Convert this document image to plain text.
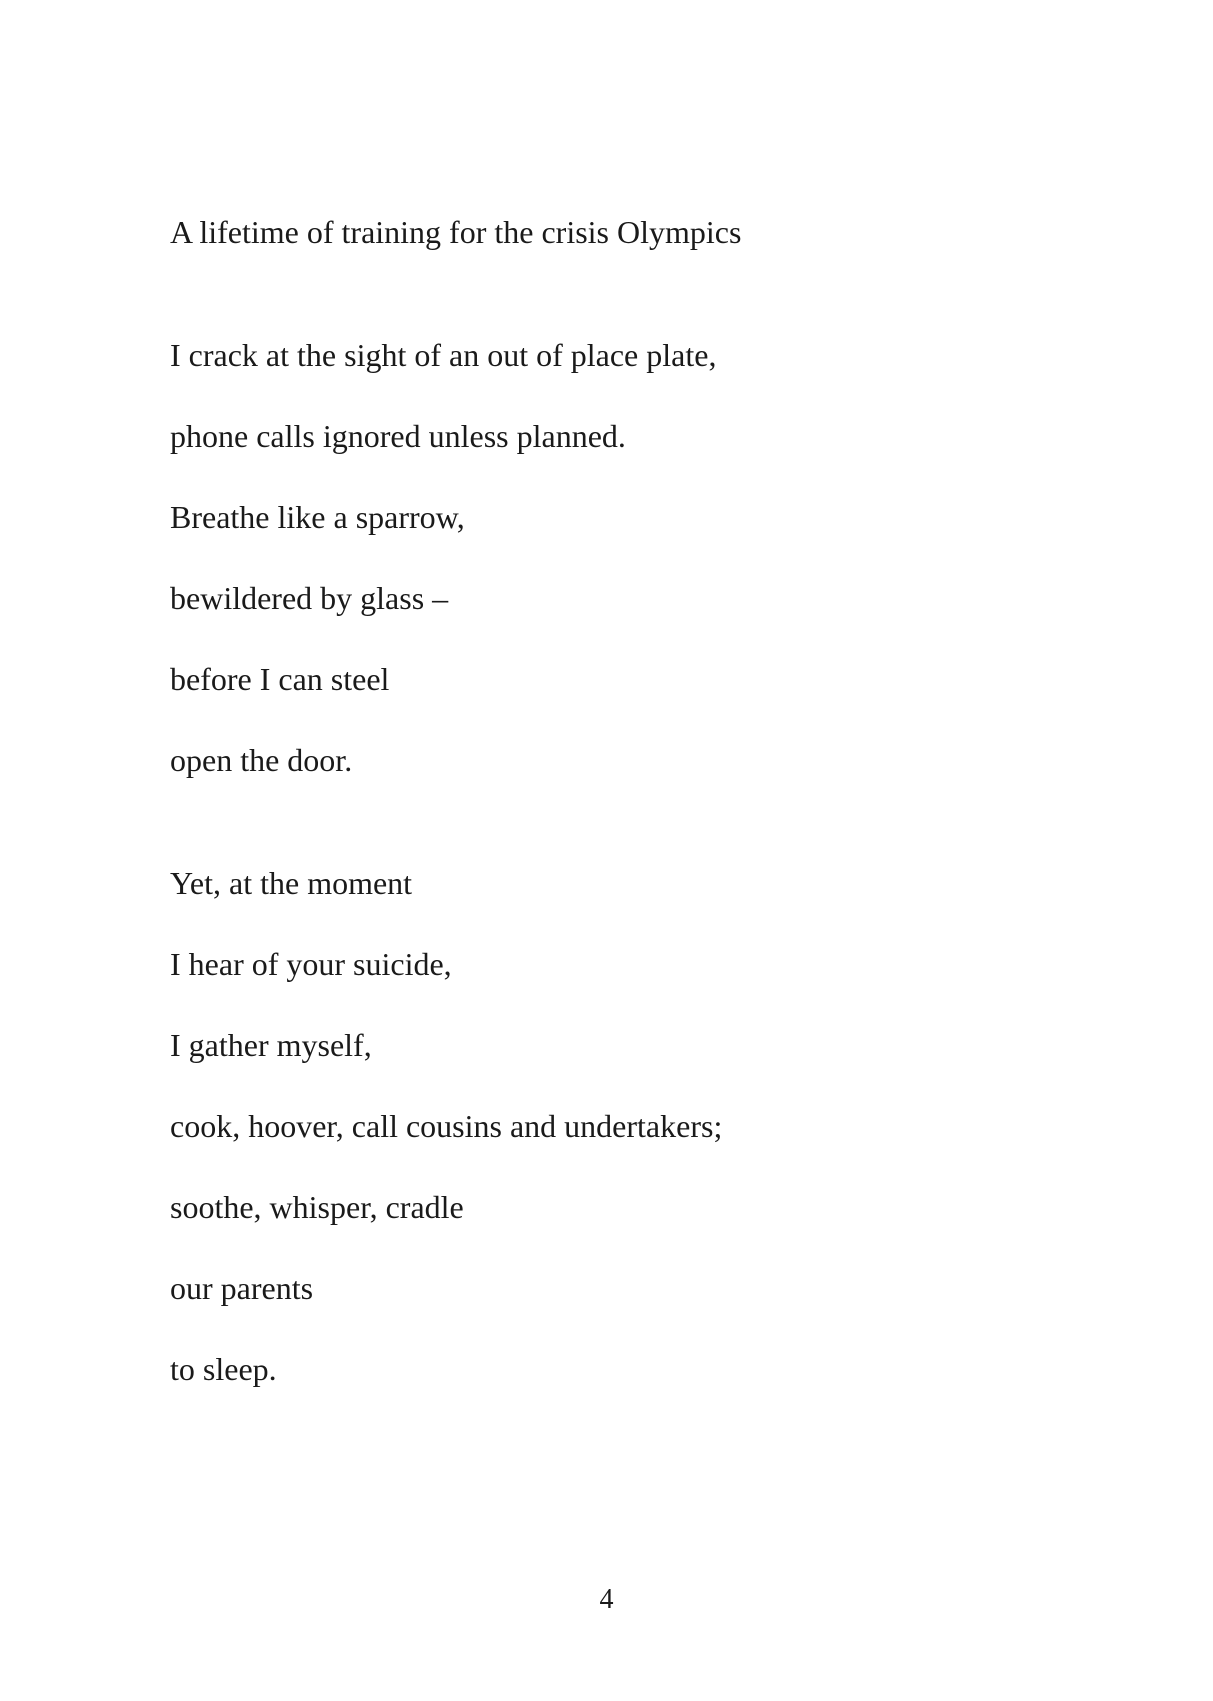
A lifetime of training for the crisis Olympics
I crack at the sight of an out of place plate,
phone calls ignored unless planned.
Breathe like a sparrow,
bewildered by glass –
before I can steel
open the door.
Yet, at the moment
I hear of your suicide,
I gather myself,
cook, hoover, call cousins and undertakers;
soothe, whisper, cradle
our parents
to sleep.
4
